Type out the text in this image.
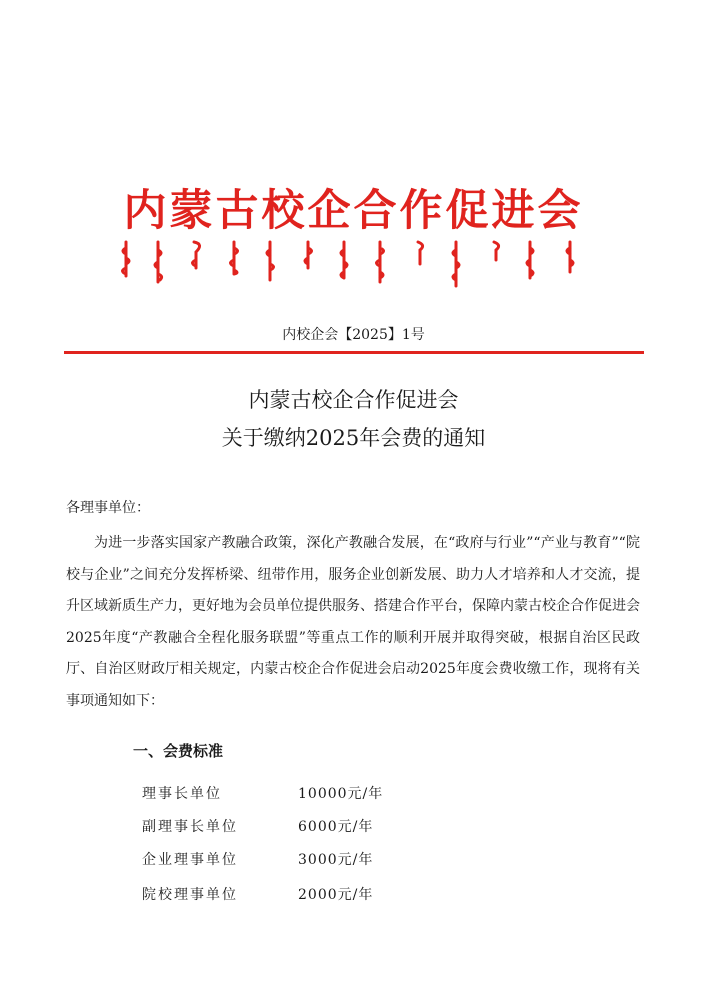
内蒙古校企合作促进会
内校企会【2025】1号
内蒙古校企合作促进会
关于缴纳2025年会费的通知
各理事单位：

为进一步落实国家产教融合政策，深化产教融合发展，在“政府与行业”“产业与教育”“院校与企业”之间充分发挥桥梁、纽带作用，服务企业创新发展、助力人才培养和人才交流，提升区域新质生产力，更好地为会员单位提供服务、搭建合作平台，保障内蒙古校企合作促进会2025年度“产教融合全程化服务联盟”等重点工作的顺利开展并取得突破，根据自治区民政厅、自治区财政厅相关规定，内蒙古校企合作促进会启动2025年度会费收缴工作，现将有关事项通知如下：

一、会费标准
理事长单位	10000元/年
副理事长单位	6000元/年
企业理事单位	3000元/年
院校理事单位	2000元/年
